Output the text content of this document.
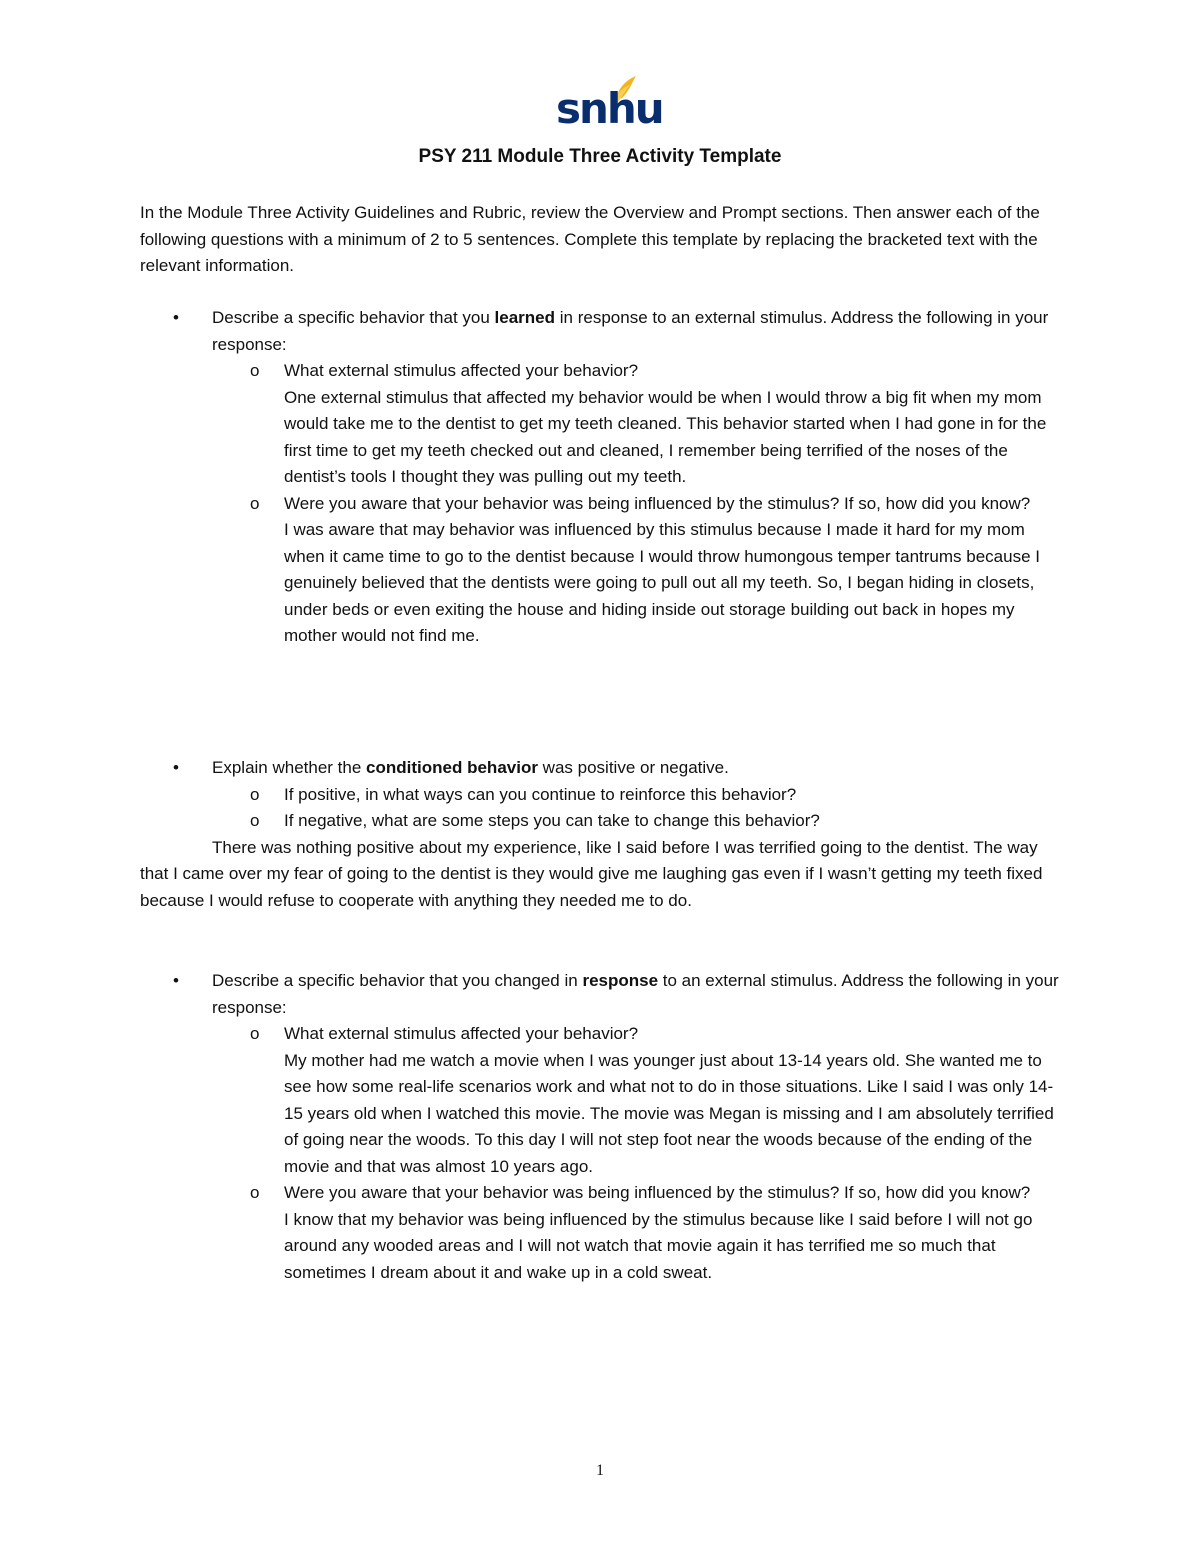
snhu
PSY 211 Module Three Activity Template

In the Module Three Activity Guidelines and Rubric, review the Overview and Prompt sections. Then answer each of the following questions with a minimum of 2 to 5 sentences. Complete this template by replacing the bracketed text with the relevant information.

• Describe a specific behavior that you learned in response to an external stimulus. Address the following in your response:
o What external stimulus affected your behavior?
One external stimulus that affected my behavior would be when I would throw a big fit when my mom would take me to the dentist to get my teeth cleaned. This behavior started when I had gone in for the first time to get my teeth checked out and cleaned, I remember being terrified of the noses of the dentist’s tools I thought they was pulling out my teeth.
o Were you aware that your behavior was being influenced by the stimulus? If so, how did you know?
I was aware that may behavior was influenced by this stimulus because I made it hard for my mom when it came time to go to the dentist because I would throw humongous temper tantrums because I genuinely believed that the dentists were going to pull out all my teeth. So, I began hiding in closets, under beds or even exiting the house and hiding inside out storage building out back in hopes my mother would not find me.
• Explain whether the conditioned behavior was positive or negative.
o If positive, in what ways can you continue to reinforce this behavior?
o If negative, what are some steps you can take to change this behavior?
There was nothing positive about my experience, like I said before I was terrified going to the dentist. The way that I came over my fear of going to the dentist is they would give me laughing gas even if I wasn’t getting my teeth fixed because I would refuse to cooperate with anything they needed me to do.
• Describe a specific behavior that you changed in response to an external stimulus. Address the following in your response:
o What external stimulus affected your behavior?
My mother had me watch a movie when I was younger just about 13-14 years old. She wanted me to see how some real-life scenarios work and what not to do in those situations. Like I said I was only 14-15 years old when I watched this movie. The movie was Megan is missing and I am absolutely terrified of going near the woods. To this day I will not step foot near the woods because of the ending of the movie and that was almost 10 years ago.
o Were you aware that your behavior was being influenced by the stimulus? If so, how did you know?
I know that my behavior was being influenced by the stimulus because like I said before I will not go around any wooded areas and I will not watch that movie again it has terrified me so much that sometimes I dream about it and wake up in a cold sweat.
1
